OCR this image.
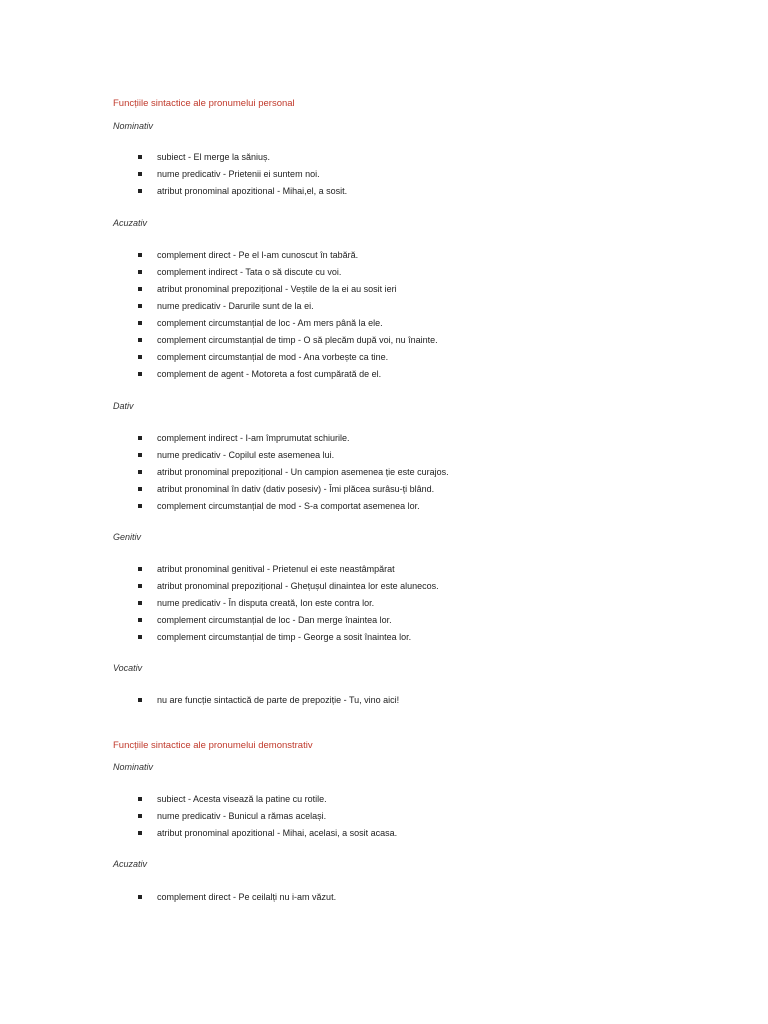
Funcțiile sintactice ale pronumelui personal
Nominativ
subiect - El merge la săniuș.
nume predicativ - Prietenii ei suntem noi.
atribut pronominal apozitional - Mihai,el, a sosit.
Acuzativ
complement direct - Pe el l-am cunoscut în tabără.
complement indirect - Tata o să discute cu voi.
atribut pronominal prepozițional - Veștile de la ei au sosit ieri
nume predicativ - Darurile sunt de la ei.
complement circumstanțial de loc - Am mers până la ele.
complement circumstanțial de timp - O să plecăm după voi, nu înainte.
complement circumstanțial de mod - Ana vorbește ca tine.
complement de agent - Motoreta a fost cumpărată de el.
Dativ
complement indirect - I-am împrumutat schiurile.
nume predicativ - Copilul este asemenea lui.
atribut pronominal prepozițional - Un campion asemenea ție este curajos.
atribut pronominal în dativ (dativ posesiv) - Îmi plăcea surâsu-ți blând.
complement circumstanțial de mod - S-a comportat asemenea lor.
Genitiv
atribut pronominal genitival - Prietenul ei este neastâmpărat
atribut pronominal prepozițional - Ghețușul dinaintea lor este alunecos.
nume predicativ - În disputa creată, Ion este contra lor.
complement circumstanțial de loc - Dan merge înaintea lor.
complement circumstanțial de timp - George a sosit înaintea lor.
Vocativ
nu are funcție sintactică de parte de prepoziție - Tu, vino aici!
Funcțiile sintactice ale pronumelui demonstrativ
Nominativ
subiect - Acesta visează la patine cu rotile.
nume predicativ - Bunicul a rămas același.
atribut pronominal apozitional - Mihai, acelasi, a sosit acasa.
Acuzativ
complement direct - Pe ceilalți nu i-am văzut.
